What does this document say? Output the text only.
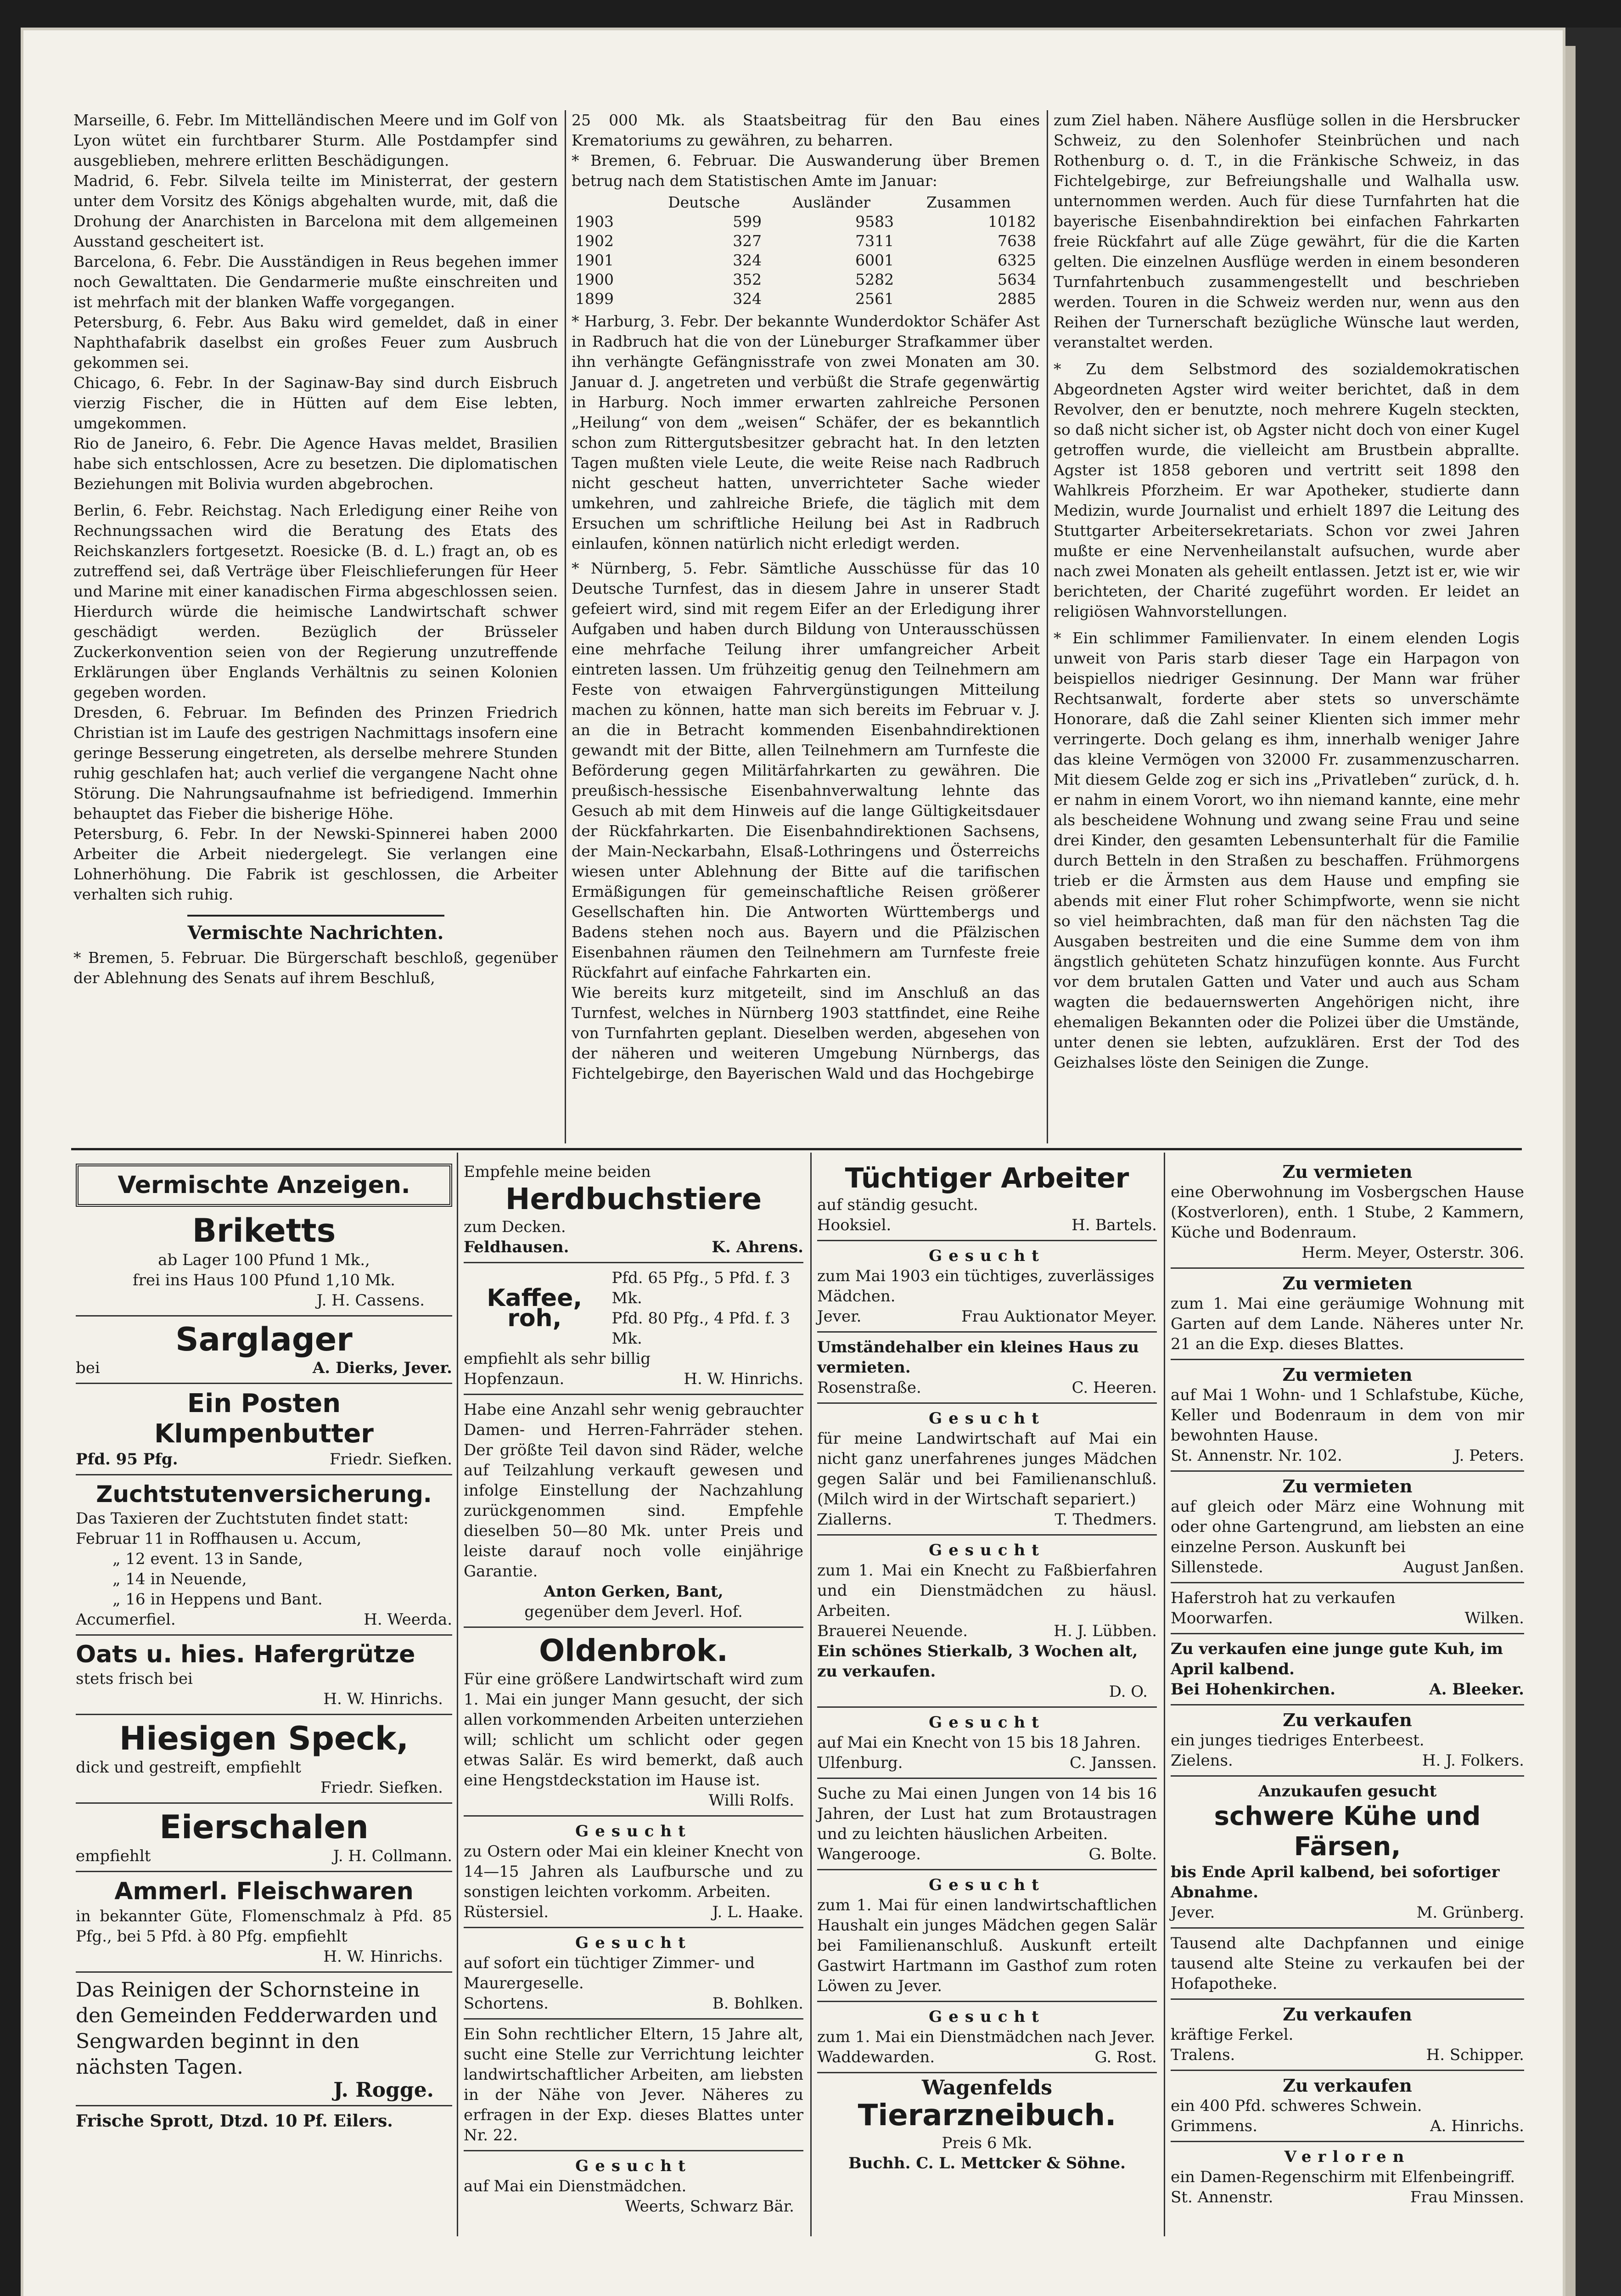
Marseille, 6. Febr. Im Mittelländischen Meere und im Golf von Lyon wütet ein furchtbarer Sturm. Alle Postdampfer sind ausgeblieben, mehrere erlitten Beschädigungen.

Madrid, 6. Febr. Silvela teilte im Ministerrat, der gestern unter dem Vorsitz des Königs abgehalten wurde, mit, daß die Drohung der Anarchisten in Barcelona mit dem allgemeinen Ausstand gescheitert ist.

Barcelona, 6. Febr. Die Ausständigen in Reus begehen immer noch Gewalttaten. Die Gendarmerie mußte einschreiten und ist mehrfach mit der blanken Waffe vorgegangen.

Petersburg, 6. Febr. Aus Baku wird gemeldet, daß in einer Naphthafabrik daselbst ein großes Feuer zum Ausbruch gekommen sei.

Chicago, 6. Febr. In der Saginaw-Bay sind durch Eisbruch vierzig Fischer, die in Hütten auf dem Eise lebten, umgekommen.

Rio de Janeiro, 6. Febr. Die Agence Havas meldet, Brasilien habe sich entschlossen, Acre zu besetzen. Die diplomatischen Beziehungen mit Bolivia wurden abgebrochen.

Berlin, 6. Febr. Reichstag. Nach Erledigung einer Reihe von Rechnungssachen wird die Beratung des Etats des Reichskanzlers fortgesetzt. Roesicke (B. d. L.) fragt an, ob es zutreffend sei, daß Verträge über Fleischlieferungen für Heer und Marine mit einer kanadischen Firma abgeschlossen seien. Hierdurch würde die heimische Landwirtschaft schwer geschädigt werden. Bezüglich der Brüsseler Zuckerkonvention seien von der Regierung unzutreffende Erklärungen über Englands Verhältnis zu seinen Kolonien gegeben worden.

Dresden, 6. Februar. Im Befinden des Prinzen Friedrich Christian ist im Laufe des gestrigen Nachmittags insofern eine geringe Besserung eingetreten, als derselbe mehrere Stunden ruhig geschlafen hat; auch verlief die vergangene Nacht ohne Störung. Die Nahrungsaufnahme ist befriedigend. Immerhin behauptet das Fieber die bisherige Höhe.

Petersburg, 6. Febr. In der Newski-Spinnerei haben 2000 Arbeiter die Arbeit niedergelegt. Sie verlangen eine Lohnerhöhung. Die Fabrik ist geschlossen, die Arbeiter verhalten sich ruhig.

Vermischte Nachrichten.

* Bremen, 5. Februar. Die Bürgerschaft beschloß, gegenüber der Ablehnung des Senats auf ihrem Beschluß,

25 000 Mk. als Staatsbeitrag für den Bau eines Krematoriums zu gewähren, zu beharren.

* Bremen, 6. Februar. Die Auswanderung über Bremen betrug nach dem Statistischen Amte im Januar:

	Deutsche	Ausländer	Zusammen
1903	599	9583	10182
1902	327	7311	7638
1901	324	6001	6325
1900	352	5282	5634
1899	324	2561	2885

* Harburg, 3. Febr. Der bekannte Wunderdoktor Schäfer Ast in Radbruch hat die von der Lüneburger Strafkammer über ihn verhängte Gefängnisstrafe von zwei Monaten am 30. Januar d. J. angetreten und verbüßt die Strafe gegenwärtig in Harburg. Noch immer erwarten zahlreiche Personen „Heilung“ von dem „weisen“ Schäfer, der es bekanntlich schon zum Rittergutsbesitzer gebracht hat. In den letzten Tagen mußten viele Leute, die weite Reise nach Radbruch nicht gescheut hatten, unverrichteter Sache wieder umkehren, und zahlreiche Briefe, die täglich mit dem Ersuchen um schriftliche Heilung bei Ast in Radbruch einlaufen, können natürlich nicht erledigt werden.

* Nürnberg, 5. Febr. Sämtliche Ausschüsse für das 10 Deutsche Turnfest, das in diesem Jahre in unserer Stadt gefeiert wird, sind mit regem Eifer an der Erledigung ihrer Aufgaben und haben durch Bildung von Unterausschüssen eine mehrfache Teilung ihrer umfangreicher Arbeit eintreten lassen. Um frühzeitig genug den Teilnehmern am Feste von etwaigen Fahrvergünstigungen Mitteilung machen zu können, hatte man sich bereits im Februar v. J. an die in Betracht kommenden Eisenbahndirektionen gewandt mit der Bitte, allen Teilnehmern am Turnfeste die Beförderung gegen Militärfahrkarten zu gewähren. Die preußisch-hessische Eisenbahnverwaltung lehnte das Gesuch ab mit dem Hinweis auf die lange Gültigkeitsdauer der Rückfahrkarten. Die Eisenbahndirektionen Sachsens, der Main-Neckarbahn, Elsaß-Lothringens und Österreichs wiesen unter Ablehnung der Bitte auf die tarifischen Ermäßigungen für gemeinschaftliche Reisen größerer Gesellschaften hin. Die Antworten Württembergs und Badens stehen noch aus. Bayern und die Pfälzischen Eisenbahnen räumen den Teilnehmern am Turnfeste freie Rückfahrt auf einfache Fahrkarten ein.

Wie bereits kurz mitgeteilt, sind im Anschluß an das Turnfest, welches in Nürnberg 1903 stattfindet, eine Reihe von Turnfahrten geplant. Dieselben werden, abgesehen von der näheren und weiteren Umgebung Nürnbergs, das Fichtelgebirge, den Bayerischen Wald und das Hochgebirge

zum Ziel haben. Nähere Ausflüge sollen in die Hersbrucker Schweiz, zu den Solenhofer Steinbrüchen und nach Rothenburg o. d. T., in die Fränkische Schweiz, in das Fichtelgebirge, zur Befreiungshalle und Walhalla usw. unternommen werden. Auch für diese Turnfahrten hat die bayerische Eisenbahndirektion bei einfachen Fahrkarten freie Rückfahrt auf alle Züge gewährt, für die die Karten gelten. Die einzelnen Ausflüge werden in einem besonderen Turnfahrtenbuch zusammengestellt und beschrieben werden. Touren in die Schweiz werden nur, wenn aus den Reihen der Turnerschaft bezügliche Wünsche laut werden, veranstaltet werden.

* Zu dem Selbstmord des sozialdemokratischen Abgeordneten Agster wird weiter berichtet, daß in dem Revolver, den er benutzte, noch mehrere Kugeln steckten, so daß nicht sicher ist, ob Agster nicht doch von einer Kugel getroffen wurde, die vielleicht am Brustbein abprallte. Agster ist 1858 geboren und vertritt seit 1898 den Wahlkreis Pforzheim. Er war Apotheker, studierte dann Medizin, wurde Journalist und erhielt 1897 die Leitung des Stuttgarter Arbeitersekretariats. Schon vor zwei Jahren mußte er eine Nervenheilanstalt aufsuchen, wurde aber nach zwei Monaten als geheilt entlassen. Jetzt ist er, wie wir berichteten, der Charité zugeführt worden. Er leidet an religiösen Wahnvorstellungen.

* Ein schlimmer Familienvater. In einem elenden Logis unweit von Paris starb dieser Tage ein Harpagon von beispiellos niedriger Gesinnung. Der Mann war früher Rechtsanwalt, forderte aber stets so unverschämte Honorare, daß die Zahl seiner Klienten sich immer mehr verringerte. Doch gelang es ihm, innerhalb weniger Jahre das kleine Vermögen von 32000 Fr. zusammenzuscharren. Mit diesem Gelde zog er sich ins „Privatleben“ zurück, d. h. er nahm in einem Vorort, wo ihn niemand kannte, eine mehr als bescheidene Wohnung und zwang seine Frau und seine drei Kinder, den gesamten Lebensunterhalt für die Familie durch Betteln in den Straßen zu beschaffen. Frühmorgens trieb er die Ärmsten aus dem Hause und empfing sie abends mit einer Flut roher Schimpfworte, wenn sie nicht so viel heimbrachten, daß man für den nächsten Tag die Ausgaben bestreiten und die eine Summe dem von ihm ängstlich gehüteten Schatz hinzufügen konnte. Aus Furcht vor dem brutalen Gatten und Vater und auch aus Scham wagten die bedauernswerten Angehörigen nicht, ihre ehemaligen Bekannten oder die Polizei über die Umstände, unter denen sie lebten, aufzuklären. Erst der Tod des Geizhalses löste den Seinigen die Zunge.

Vermischte Anzeigen.

Briketts

ab Lager 100 Pfund 1 Mk.,

frei ins Haus 100 Pfund 1,10 Mk.

J. H. Cassens.

Sarglager

bei	A. Dierks, Jever.

Ein Posten Klumpenbutter

Pfd. 95 Pfg.	Friedr. Siefken.

Zuchtstutenversicherung.

Das Taxieren der Zuchtstuten findet statt:

Februar 11 in Roffhausen u. Accum,

„ 12 event. 13 in Sande,

„ 14 in Neuende,

„ 16 in Heppens und Bant.

Accumerfiel.	H. Weerda.

Oats u. hies. Hafergrütze

stets frisch bei

H. W. Hinrichs.

Hiesigen Speck,

dick und gestreift, empfiehlt

Friedr. Siefken.

Eierschalen

empfiehlt	J. H. Collmann.

Ammerl. Fleischwaren

in bekannter Güte, Flomenschmalz à Pfd. 85 Pfg., bei 5 Pfd. à 80 Pfg. empfiehlt

H. W. Hinrichs.

Das Reinigen der Schornsteine in den Gemeinden Fedderwarden und Sengwarden beginnt in den nächsten Tagen.

J. Rogge.

Frische Sprott, Dtzd. 10 Pf. Eilers.

Empfehle meine beiden

Herdbuchstiere

zum Decken.

Feldhausen.	K. Ahrens.
Kaffee, roh,
Pfd. 65 Pfg., 5 Pfd. f. 3 Mk.
Pfd. 80 Pfg., 4 Pfd. f. 3 Mk.

empfiehlt als sehr billig

Hopfenzaun.	H. W. Hinrichs.

Habe eine Anzahl sehr wenig gebrauchter Damen- und Herren-Fahrräder stehen. Der größte Teil davon sind Räder, welche auf Teilzahlung verkauft gewesen und infolge Einstellung der Nachzahlung zurückgenommen sind. Empfehle dieselben 50—80 Mk. unter Preis und leiste darauf noch volle einjährige Garantie.

Anton Gerken, Bant,

gegenüber dem Jeverl. Hof.

Oldenbrok.

Für eine größere Landwirtschaft wird zum 1. Mai ein junger Mann gesucht, der sich allen vorkommenden Arbeiten unterziehen will; schlicht um schlicht oder gegen etwas Salär. Es wird bemerkt, daß auch eine Hengstdeckstation im Hause ist.

Willi Rolfs.

Gesucht

zu Ostern oder Mai ein kleiner Knecht von 14—15 Jahren als Laufbursche und zu sonstigen leichten vorkomm. Arbeiten.

Rüstersiel.	J. L. Haake.

Gesucht

auf sofort ein tüchtiger Zimmer- und Maurergeselle.

Schortens.	B. Bohlken.

Ein Sohn rechtlicher Eltern, 15 Jahre alt, sucht eine Stelle zur Verrichtung leichter landwirtschaftlicher Arbeiten, am liebsten in der Nähe von Jever. Näheres zu erfragen in der Exp. dieses Blattes unter Nr. 22.

Gesucht

auf Mai ein Dienstmädchen.

Weerts, Schwarz Bär.

Tüchtiger Arbeiter

auf ständig gesucht.

Hooksiel.	H. Bartels.

Gesucht

zum Mai 1903 ein tüchtiges, zuverlässiges Mädchen.

Jever.	Frau Auktionator Meyer.

Umständehalber ein kleines Haus zu vermieten.

Rosenstraße.	C. Heeren.

Gesucht

für meine Landwirtschaft auf Mai ein nicht ganz unerfahrenes junges Mädchen gegen Salär und bei Familienanschluß. (Milch wird in der Wirtschaft separiert.)

Ziallerns.	T. Thedmers.

Gesucht

zum 1. Mai ein Knecht zu Faßbierfahren und ein Dienstmädchen zu häusl. Arbeiten.

Brauerei Neuende.	H. J. Lübben.

Ein schönes Stierkalb, 3 Wochen alt, zu verkaufen.

D. O.

Gesucht

auf Mai ein Knecht von 15 bis 18 Jahren.

Ulfenburg.	C. Janssen.

Suche zu Mai einen Jungen von 14 bis 16 Jahren, der Lust hat zum Brotaustragen und zu leichten häuslichen Arbeiten.

Wangerooge.	G. Bolte.

Gesucht

zum 1. Mai für einen landwirtschaftlichen Haushalt ein junges Mädchen gegen Salär bei Familienanschluß. Auskunft erteilt Gastwirt Hartmann im Gasthof zum roten Löwen zu Jever.

Gesucht

zum 1. Mai ein Dienstmädchen nach Jever.

Waddewarden.	G. Rost.

Wagenfelds

Tierarzneibuch.

Preis 6 Mk.

Buchh. C. L. Mettcker & Söhne.

Zu vermieten

eine Oberwohnung im Vosbergschen Hause (Kostverloren), enth. 1 Stube, 2 Kammern, Küche und Bodenraum.

Herm. Meyer, Osterstr. 306.

Zu vermieten

zum 1. Mai eine geräumige Wohnung mit Garten auf dem Lande. Näheres unter Nr. 21 an die Exp. dieses Blattes.

Zu vermieten

auf Mai 1 Wohn- und 1 Schlafstube, Küche, Keller und Bodenraum in dem von mir bewohnten Hause.

St. Annenstr. Nr. 102.	J. Peters.

Zu vermieten

auf gleich oder März eine Wohnung mit oder ohne Gartengrund, am liebsten an eine einzelne Person. Auskunft bei

Sillenstede.	August Janßen.

Haferstroh hat zu verkaufen

Moorwarfen.	Wilken.

Zu verkaufen eine junge gute Kuh, im April kalbend.

Bei Hohenkirchen.	A. Bleeker.

Zu verkaufen

ein junges tiedriges Enterbeest.

Zielens.	H. J. Folkers.

Anzukaufen gesucht

schwere Kühe und Färsen,

bis Ende April kalbend, bei sofortiger Abnahme.

Jever.	M. Grünberg.

Tausend alte Dachpfannen und einige tausend alte Steine zu verkaufen bei der Hofapotheke.

Zu verkaufen

kräftige Ferkel.

Tralens.	H. Schipper.

Zu verkaufen

ein 400 Pfd. schweres Schwein.

Grimmens.	A. Hinrichs.

Verloren

ein Damen-Regenschirm mit Elfenbeingriff.

St. Annenstr.	Frau Minssen.
